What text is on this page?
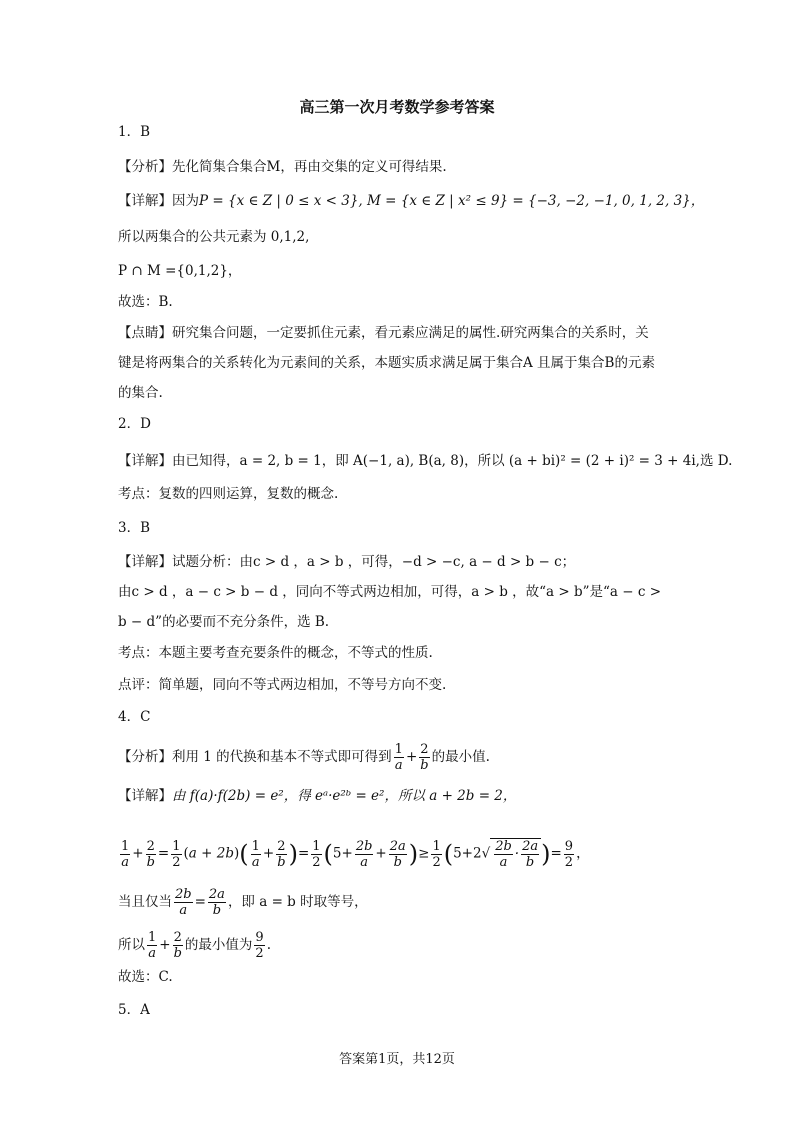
高三第一次月考数学参考答案
1．B
【分析】先化简集合集合M，再由交集的定义可得结果.
【详解】因为P = {x ∈ Z | 0 ≤ x < 3}, M = {x ∈ Z | x² ≤ 9} = {−3, −2, −1, 0, 1, 2, 3}，
所以两集合的公共元素为 0,1,2,
P ∩ M ={0,1,2}，
故选：B.
【点睛】研究集合问题，一定要抓住元素，看元素应满足的属性.研究两集合的关系时，关
键是将两集合的关系转化为元素间的关系，本题实质求满足属于集合A 且属于集合B的元素
的集合.
2．D
【详解】由已知得，a = 2, b = 1，即 A(−1, a), B(a, 8)，所以 (a + bi)² = (2 + i)² = 3 + 4i,选 D.
考点：复数的四则运算，复数的概念.
3．B
【详解】试题分析：由c > d ，a > b ，可得，−d > −c, a − d > b − c；
由c > d ，a − c > b − d ，同向不等式两边相加，可得，a > b ，故“a > b”是“a − c >
b − d”的必要而不充分条件，选 B.
考点：本题主要考查充要条件的概念，不等式的性质.
点评：简单题，同向不等式两边相加，不等号方向不变.
4．C
【分析】利用 1 的代换和基本不等式即可得到 $\frac{1}{a} + \frac{2}{b}$ 的最小值.
【详解】由 f(a)·f(2b) = e²，得 eᵃ·e²ᵇ = e²，所以 a + 2b = 2，
$\frac{1}{a} + \frac{2}{b} = \frac{1}{2} (a + 2b)( \frac{1}{a} + \frac{2}{b}$ )= $\frac{1}{2} (5+ \frac{2b}{a} + \frac{2a}{b}$ )≥ $\frac{1}{2} (5+2√ \frac{2b}{a} \cdot \frac{2a}{b}$ )= $\frac{9}{2}$ ，
当且仅当 $\frac{2b}{a} = \frac{2a}{b}$ ，即 a = b 时取等号，
所以 $\frac{1}{a} + \frac{2}{b}$ 的最小值为 $\frac{9}{2}$ .
故选：C.
5．A
答案第1页，共12页
